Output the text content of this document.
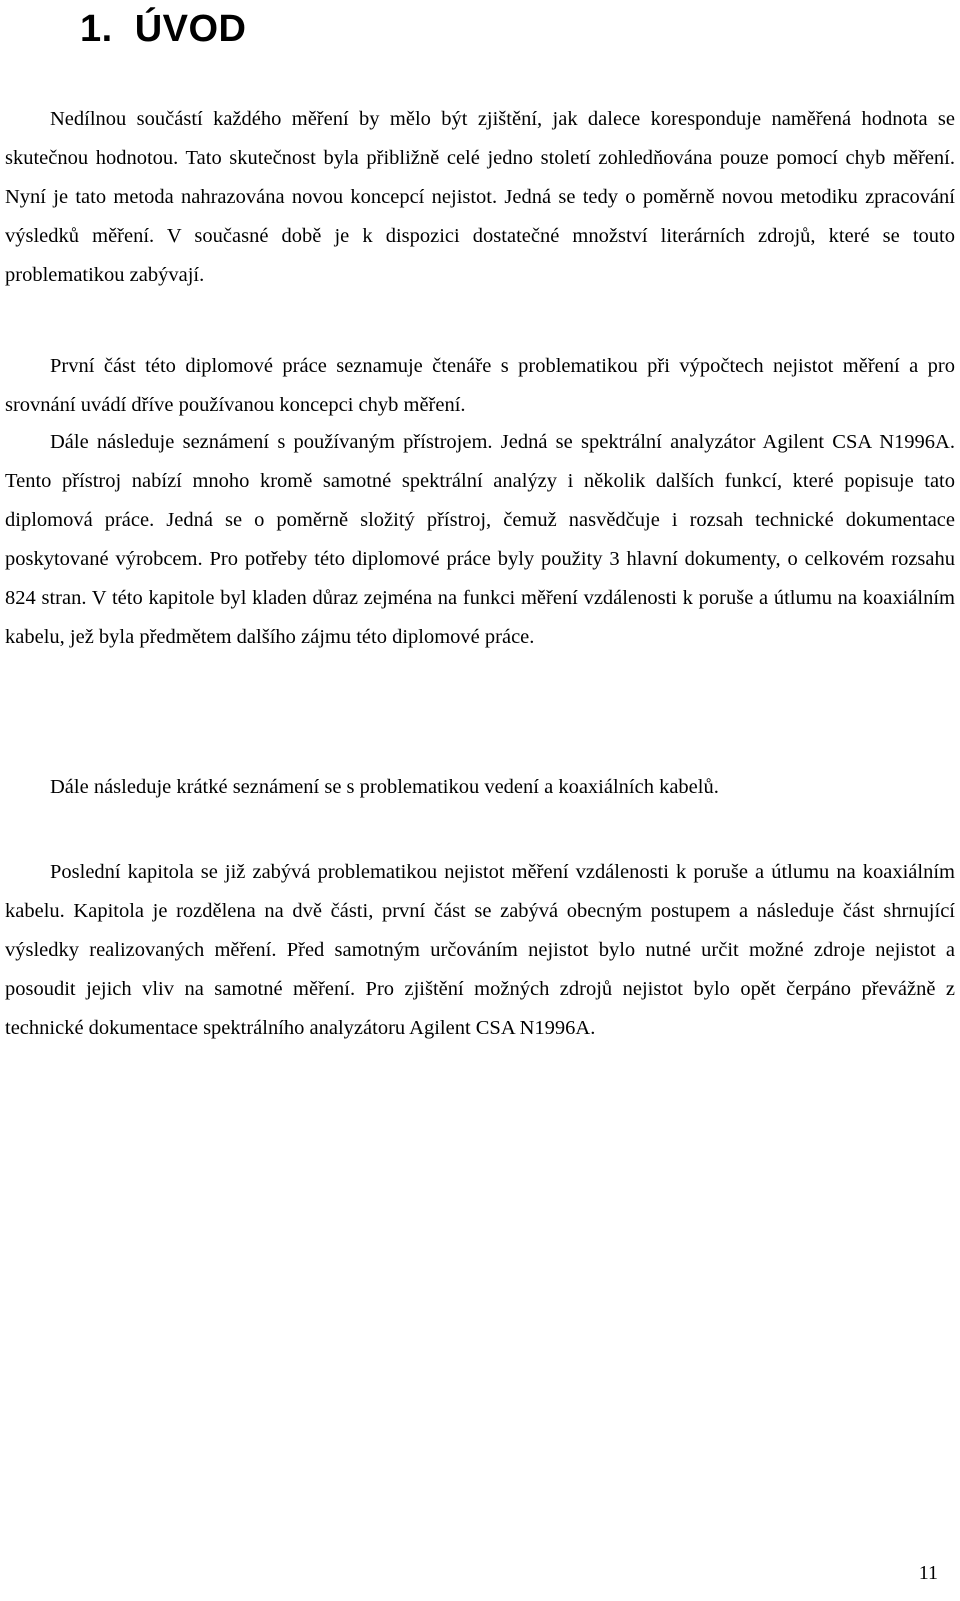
1. ÚVOD

Nedílnou součástí každého měření by mělo být zjištění, jak dalece koresponduje naměřená hodnota se skutečnou hodnotou. Tato skutečnost byla přibližně celé jedno století zohledňována pouze pomocí chyb měření. Nyní je tato metoda nahrazována novou koncepcí nejistot. Jedná se tedy o poměrně novou metodiku zpracování výsledků měření. V současné době je k dispozici dostatečné množství literárních zdrojů, které se touto problematikou zabývají.

První část této diplomové práce seznamuje čtenáře s problematikou při výpočtech nejistot měření a pro srovnání uvádí dříve používanou koncepci chyb měření.

Dále následuje seznámení s používaným přístrojem. Jedná se spektrální analyzátor Agilent CSA N1996A. Tento přístroj nabízí mnoho kromě samotné spektrální analýzy i několik dalších funkcí, které popisuje tato diplomová práce. Jedná se o poměrně složitý přístroj, čemuž nasvědčuje i rozsah technické dokumentace poskytované výrobcem. Pro potřeby této diplomové práce byly použity 3 hlavní dokumenty, o celkovém rozsahu 824 stran. V této kapitole byl kladen důraz zejména na funkci měření vzdálenosti k poruše a útlumu na koaxiálním kabelu, jež byla předmětem dalšího zájmu této diplomové práce.

Dále následuje krátké seznámení se s problematikou vedení a koaxiálních kabelů.

Poslední kapitola se již zabývá problematikou nejistot měření vzdálenosti k poruše a útlumu na koaxiálním kabelu. Kapitola je rozdělena na dvě části, první část se zabývá obecným postupem a následuje část shrnující výsledky realizovaných měření. Před samotným určováním nejistot bylo nutné určit možné zdroje nejistot a posoudit jejich vliv na samotné měření. Pro zjištění možných zdrojů nejistot bylo opět čerpáno převážně z technické dokumentace spektrálního analyzátoru Agilent CSA N1996A.

11
